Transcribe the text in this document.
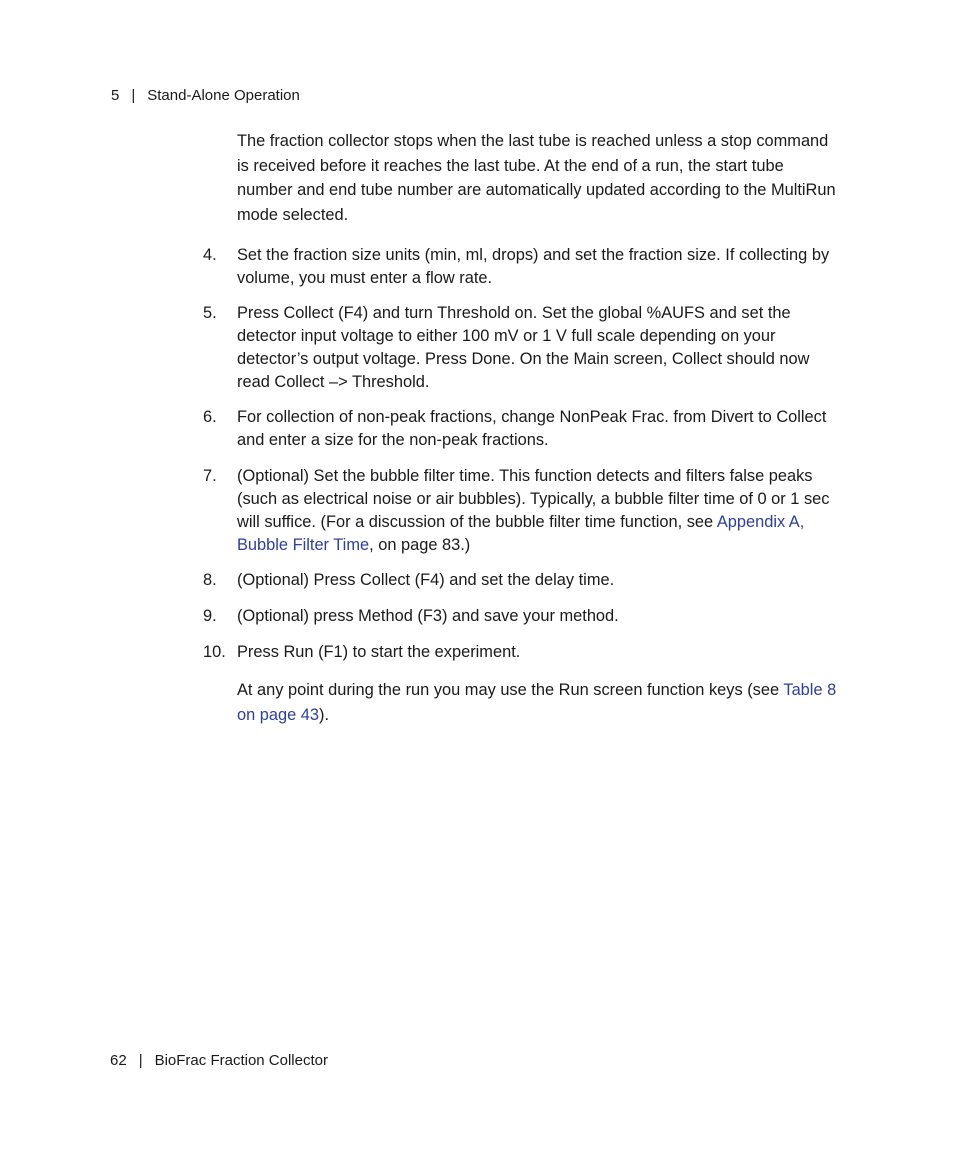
5 | Stand-Alone Operation
The fraction collector stops when the last tube is reached unless a stop command is received before it reaches the last tube. At the end of a run, the start tube number and end tube number are automatically updated according to the MultiRun mode selected.
4. Set the fraction size units (min, ml, drops) and set the fraction size. If collecting by volume, you must enter a flow rate.
5. Press Collect (F4) and turn Threshold on. Set the global %AUFS and set the detector input voltage to either 100 mV or 1 V full scale depending on your detector’s output voltage. Press Done. On the Main screen, Collect should now read Collect –> Threshold.
6. For collection of non-peak fractions, change NonPeak Frac. from Divert to Collect and enter a size for the non-peak fractions.
7. (Optional) Set the bubble filter time. This function detects and filters false peaks (such as electrical noise or air bubbles). Typically, a bubble filter time of 0 or 1 sec will suffice. (For a discussion of the bubble filter time function, see Appendix A, Bubble Filter Time, on page 83.)
8. (Optional) Press Collect (F4) and set the delay time.
9. (Optional) press Method (F3) and save your method.
10. Press Run (F1) to start the experiment.
At any point during the run you may use the Run screen function keys (see Table 8 on page 43).
62 | BioFrac Fraction Collector
